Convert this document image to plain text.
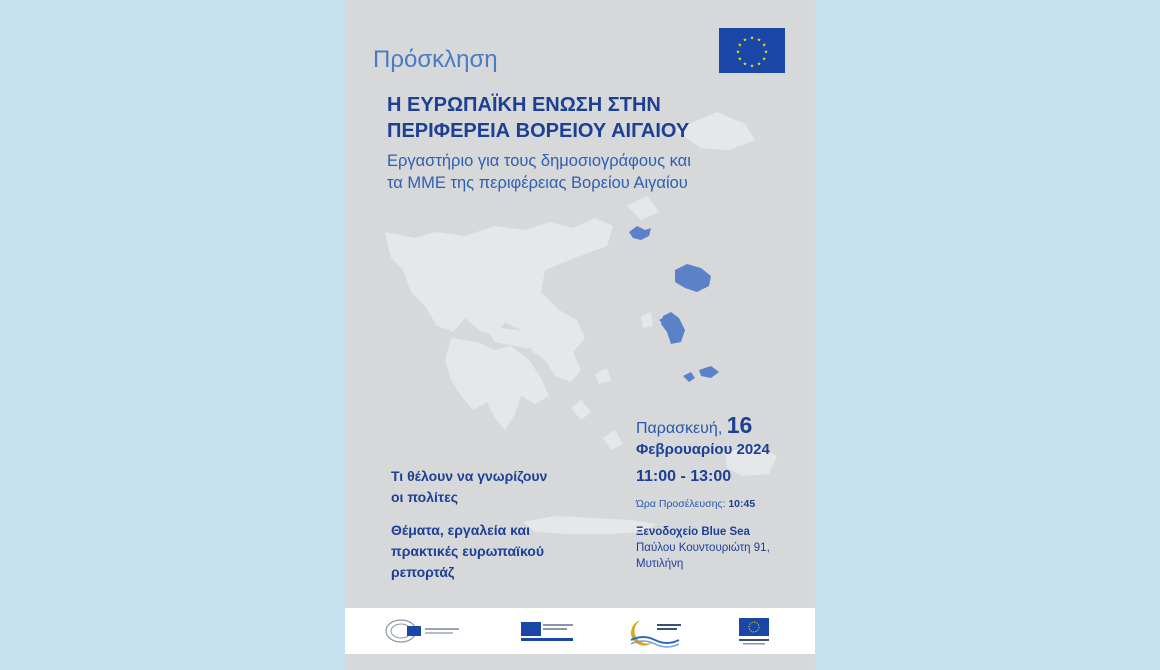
★ ★
★
★
★
★
★
★
★
★
★
★
Πρόσκληση
Η ΕΥΡΩΠΑΪΚΗ ΕΝΩΣΗ ΣΤΗΝ
ΠΕΡΙΦΕΡΕΙΑ ΒΟΡΕΙΟΥ ΑΙΓΑΙΟΥ
Εργαστήριο για τους δημοσιογράφους και
τα ΜΜΕ της περιφέρειας Βορείου Αιγαίου
Παρασκευή, 16
Φεβρουαρίου 2024
11:00 - 13:00
Ώρα Προσέλευσης: 10:45
Ξενοδοχείο Blue Sea
Παύλου Κουντουριώτη 91,
Μυτιλήνη
Τι θέλουν να γνωρίζουν
οι πολίτες
Θέματα, εργαλεία και
πρακτικές ευρωπαϊκού
ρεπορτάζ
